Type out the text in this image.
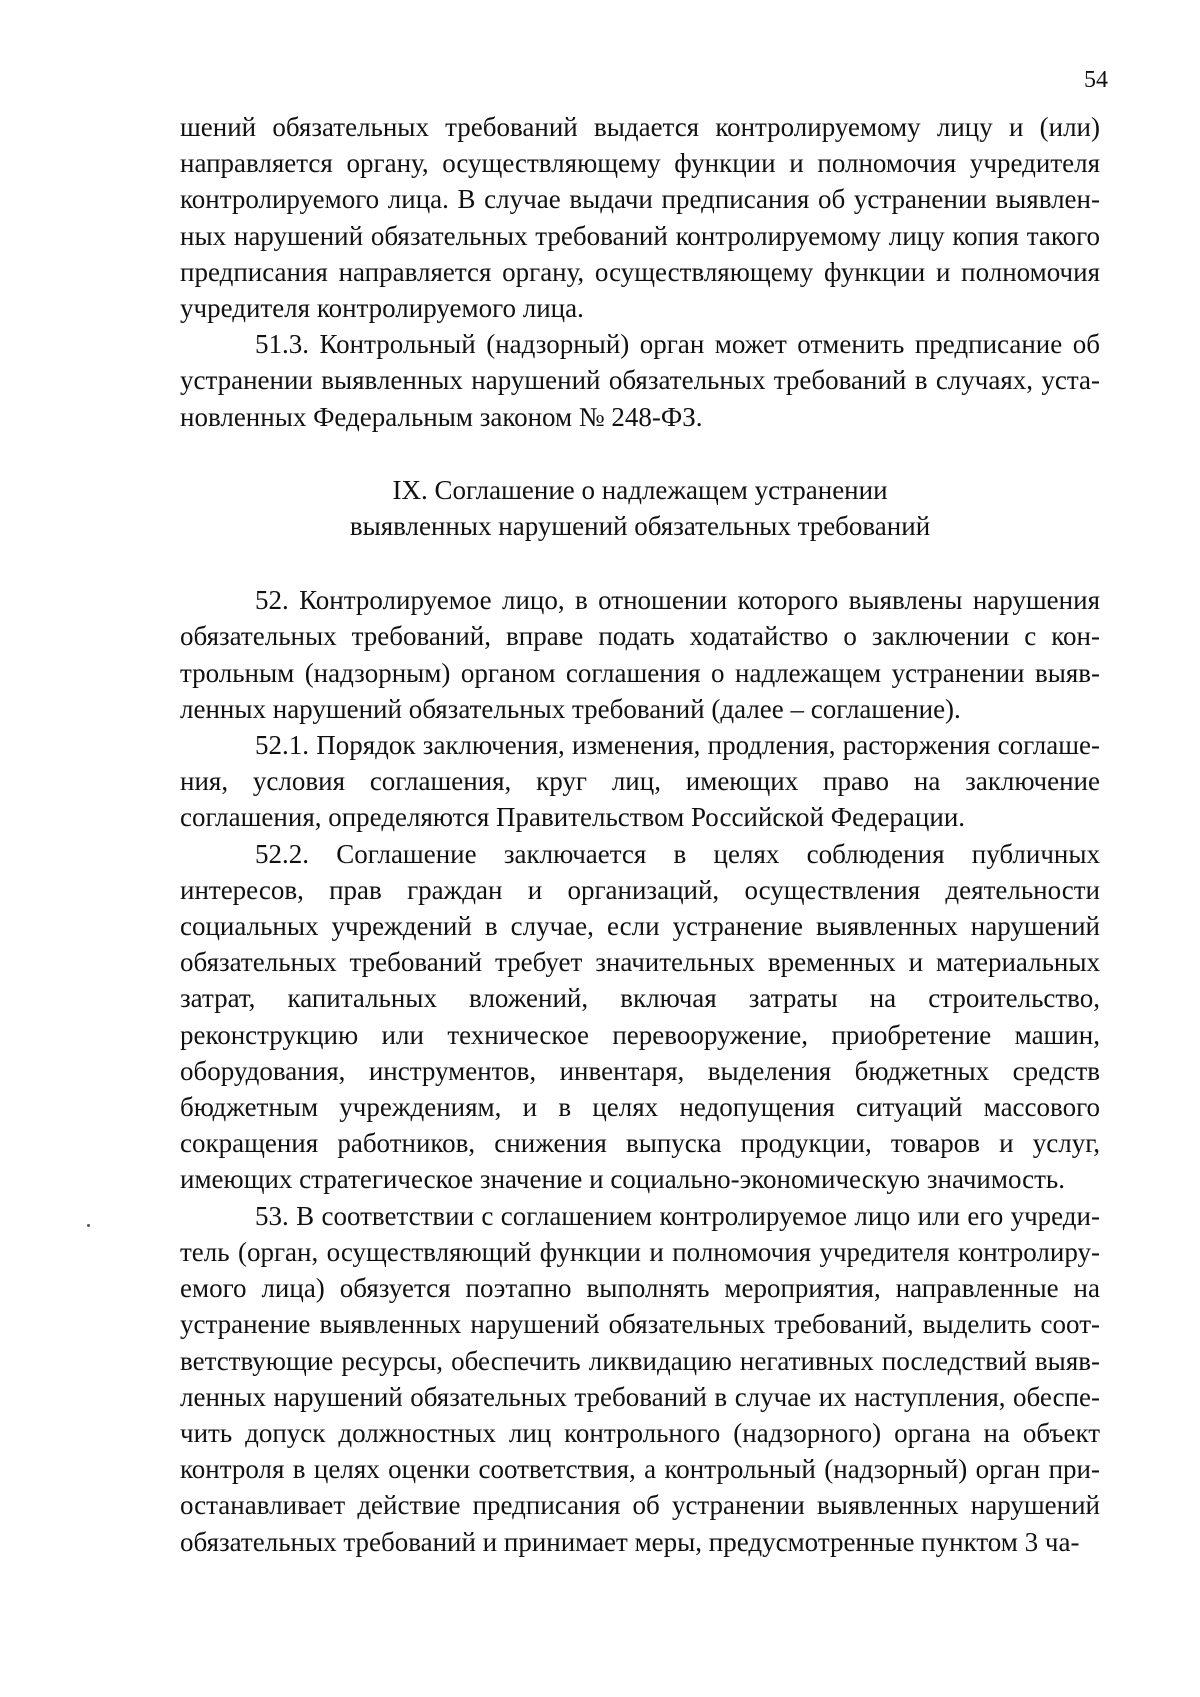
54

шений обязательных требований выдается контролируемому лицу и (или) направляется органу, осуществляющему функции и полномочия учредителя контролируемого лица. В случае выдачи предписания об устранении выявленных нарушений обязательных требований контролируемому лицу копия такого предписания направляется органу, осуществляющему функции и полномочия учредителя контролируемого лица.

51.3. Контрольный (надзорный) орган может отменить предписание об устранении выявленных нарушений обязательных требований в случаях, установленных Федеральным законом № 248-ФЗ.

IX. Соглашение о надлежащем устранении
выявленных нарушений обязательных требований

52. Контролируемое лицо, в отношении которого выявлены нарушения обязательных требований, вправе подать ходатайство о заключении с контрольным (надзорным) органом соглашения о надлежащем устранении выявленных нарушений обязательных требований (далее – соглашение).

52.1. Порядок заключения, изменения, продления, расторжения соглашения, условия соглашения, круг лиц, имеющих право на заключение соглашения, определяются Правительством Российской Федерации.

52.2. Соглашение заключается в целях соблюдения публичных интересов, прав граждан и организаций, осуществления деятельности социальных учреждений в случае, если устранение выявленных нарушений обязательных требований требует значительных временных и материальных затрат, капитальных вложений, включая затраты на строительство, реконструкцию или техническое перевооружение, приобретение машин, оборудования, инструментов, инвентаря, выделения бюджетных средств бюджетным учреждениям, и в целях недопущения ситуаций массового сокращения работников, снижения выпуска продукции, товаров и услуг, имеющих стратегическое значение и социально-экономическую значимость.

53. В соответствии с соглашением контролируемое лицо или его учредитель (орган, осуществляющий функции и полномочия учредителя контролируемого лица) обязуется поэтапно выполнять мероприятия, направленные на устранение выявленных нарушений обязательных требований, выделить соответствующие ресурсы, обеспечить ликвидацию негативных последствий выявленных нарушений обязательных требований в случае их наступления, обеспечить допуск должностных лиц контрольного (надзорного) органа на объект контроля в целях оценки соответствия, а контрольный (надзорный) орган приостанавливает действие предписания об устранении выявленных нарушений обязательных требований и принимает меры, предусмотренные пунктом 3 ча-
